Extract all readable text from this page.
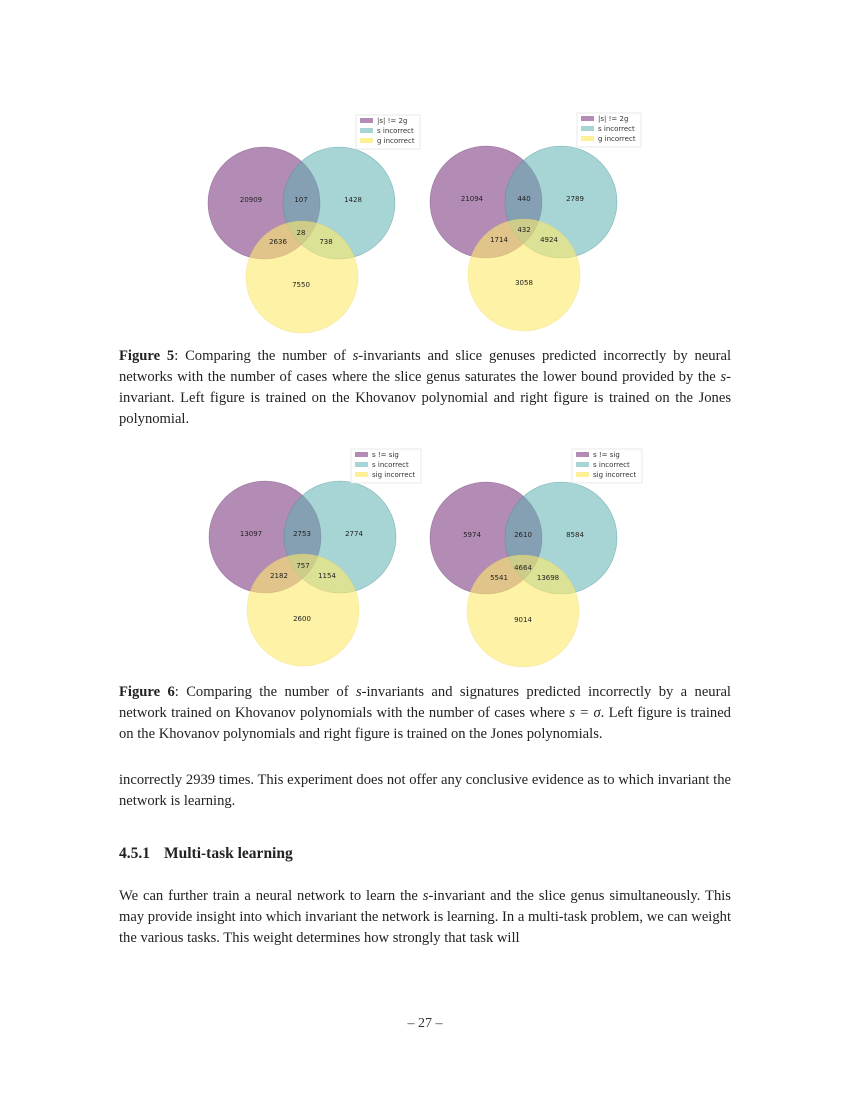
20909	1428
7550
107
2636	738
28
|s| != 2g
s incorrect
g incorrect
21094	2789
3058
440
1714	4924
432
|s| != 2g
s incorrect
g incorrect
Figure 5: Comparing the number of s-invariants and slice genuses predicted incorrectly by neural networks with the number of cases where the slice genus saturates the lower bound provided by the s-invariant. Left figure is trained on the Khovanov polynomial and right figure is trained on the Jones polynomial.
13097	2774
2600
2753
2182	1154
757
s != sig
s incorrect
sig incorrect
5974	8584
9014
2610
5541	13698
4664
s != sig
s incorrect
sig incorrect
Figure 6: Comparing the number of s-invariants and signatures predicted incorrectly by a neural network trained on Khovanov polynomials with the number of cases where s = σ. Left figure is trained on the Khovanov polynomials and right figure is trained on the Jones polynomials.
incorrectly 2939 times. This experiment does not offer any conclusive evidence as to which invariant the network is learning.
4.5.1 Multi-task learning
We can further train a neural network to learn the s-invariant and the slice genus simultaneously. This may provide insight into which invariant the network is learning. In a multi-task problem, we can weight the various tasks. This weight determines how strongly that task will
– 27 –
